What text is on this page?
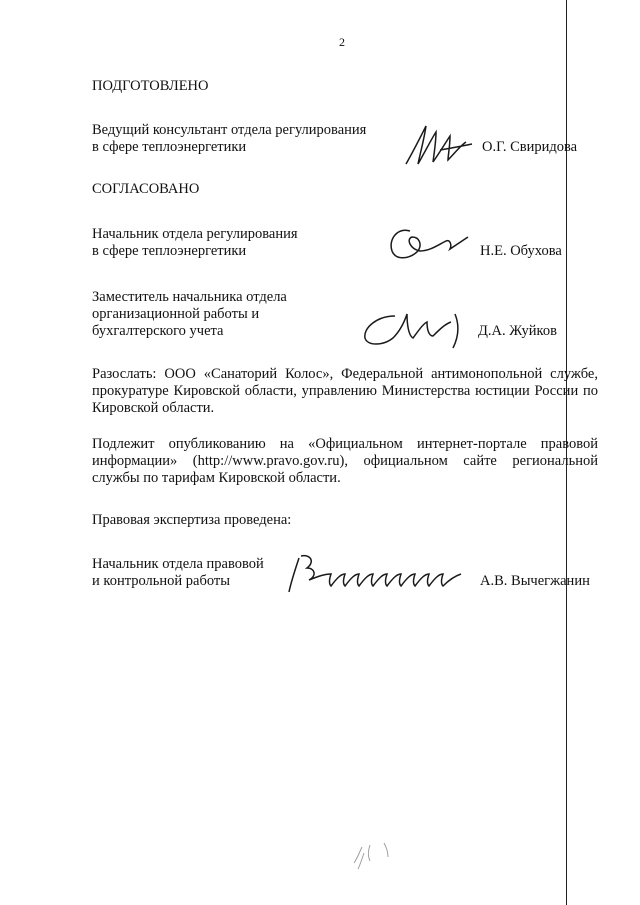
2
ПОДГОТОВЛЕНО
Ведущий консультант отдела регулирования
в сфере теплоэнергетики	О.Г. Свиридова
СОГЛАСОВАНО
Начальник отдела регулирования
в сфере теплоэнергетики	Н.Е. Обухова
Заместитель начальника отдела
организационной работы и
бухгалтерского учета	Д.А. Жуйков
Разослать: ООО «Санаторий Колос», Федеральной антимонопольной службе, прокуратуре Кировской области, управлению Министерства юстиции России по Кировской области.
Подлежит опубликованию на «Официальном интернет-портале правовой информации» (http://www.pravo.gov.ru), официальном сайте региональной службы по тарифам Кировской области.
Правовая экспертиза проведена:
Начальник отдела правовой
и контрольной работы	А.В. Вычегжанин
